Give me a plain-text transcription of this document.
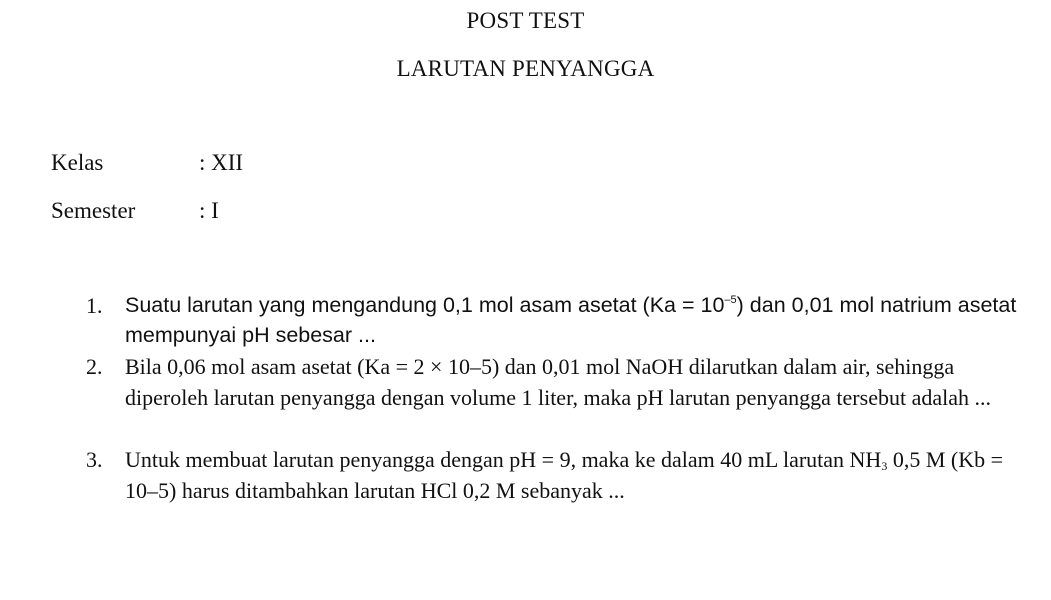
POST TEST
LARUTAN PENYANGGA
Kelas	: XII
Semester	: I
1.	Suatu larutan yang mengandung 0,1 mol asam asetat $(Ka = 10^{-5})$ dan 0,01 mol natrium asetat mempunyai pH sebesar ...
2.	Bila 0,06 mol asam asetat (Ka = 2 × 10–5) dan 0,01 mol NaOH dilarutkan dalam air, sehingga diperoleh larutan penyangga dengan volume 1 liter, maka pH larutan penyangga tersebut adalah ...
3.	Untuk membuat larutan penyangga dengan pH = 9, maka ke dalam 40 mL larutan $NH_3$ 0,5 M (Kb = 10–5) harus ditambahkan larutan HCl 0,2 M sebanyak ...
